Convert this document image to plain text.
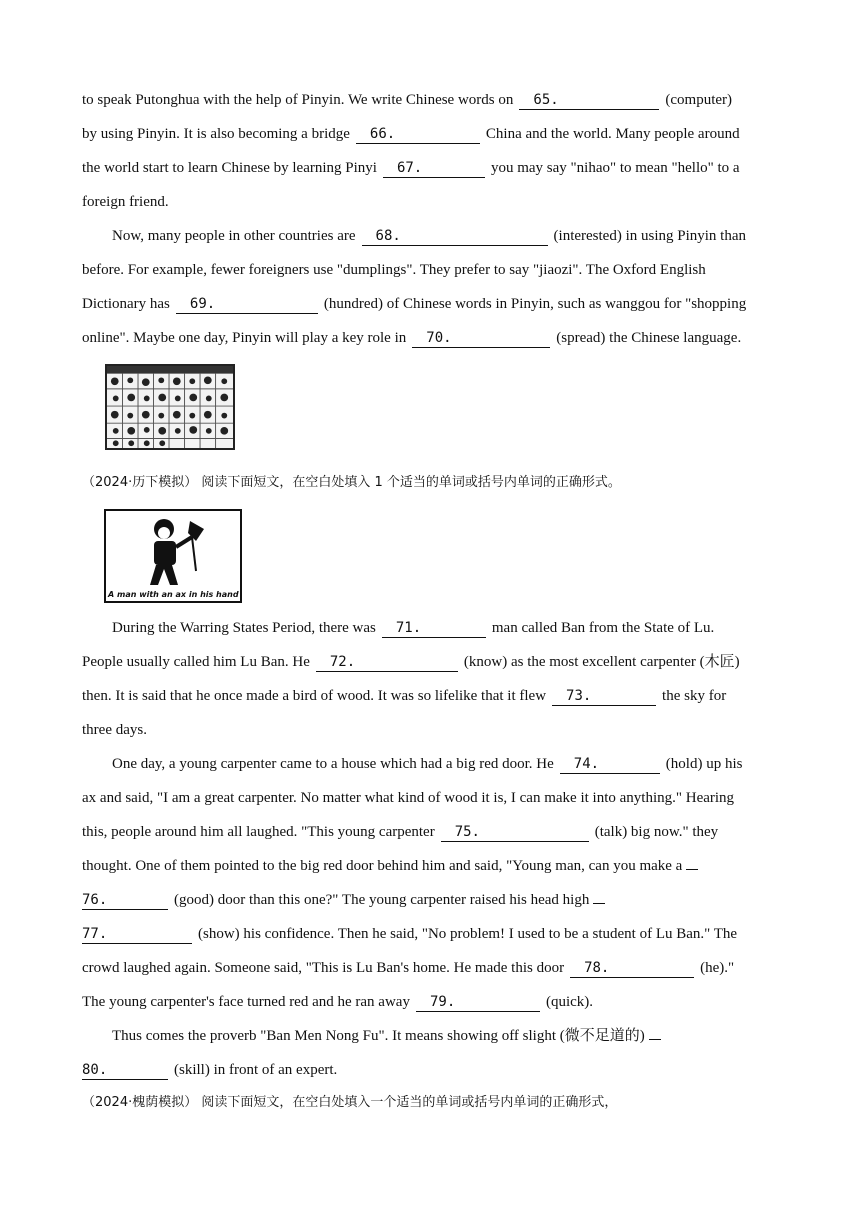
to speak Putonghua with the help of Pinyin. We write Chinese words on 65.	(computer)
by using Pinyin. It is also becoming a bridge 66.	China and the world. Many people around
the world start to learn Chinese by learning Pinyi 67.	you may say "nihao" to mean "hello" to a
foreign friend.
Now, many people in other countries are 68.	(interested) in using Pinyin than
before. For example, fewer foreigners use "dumplings". They prefer to say "jiaozi". The Oxford English
Dictionary has 69.	(hundred) of Chinese words in Pinyin, such as wanggou for "shopping
online". Maybe one day, Pinyin will play a key role in 70.	(spread) the Chinese language.
（2024·历下模拟） 阅读下面短文，在空白处填入 1 个适当的单词或括号内单词的正确形式。
A man with an ax in his hand
During the Warring States Period, there was 71.	man called Ban from the State of Lu.
People usually called him Lu Ban. He 72.	(know) as the most excellent carpenter (木匠)
then. It is said that he once made a bird of wood. It was so lifelike that it flew 73.	the sky for
three days.
One day, a young carpenter came to a house which had a big red door. He 74.	(hold) up his
ax and said, "I am a great carpenter. No matter what kind of wood it is, I can make it into anything." Hearing
this, people around him all laughed. "This young carpenter 75.	(talk) big now." they
thought. One of them pointed to the big red door behind him and said, "Young man, can you make a
76.	(good) door than this one?" The young carpenter raised his head high
77.	(show) his confidence. Then he said, "No problem! I used to be a student of Lu Ban." The
crowd laughed again. Someone said, "This is Lu Ban's home. He made this door 78.	(he)."
The young carpenter's face turned red and he ran away 79.	(quick).
Thus comes the proverb "Ban Men Nong Fu". It means showing off slight (微不足道的)
80.	(skill) in front of an expert.
（2024·槐荫模拟） 阅读下面短文，在空白处填入一个适当的单词或括号内单词的正确形式，
